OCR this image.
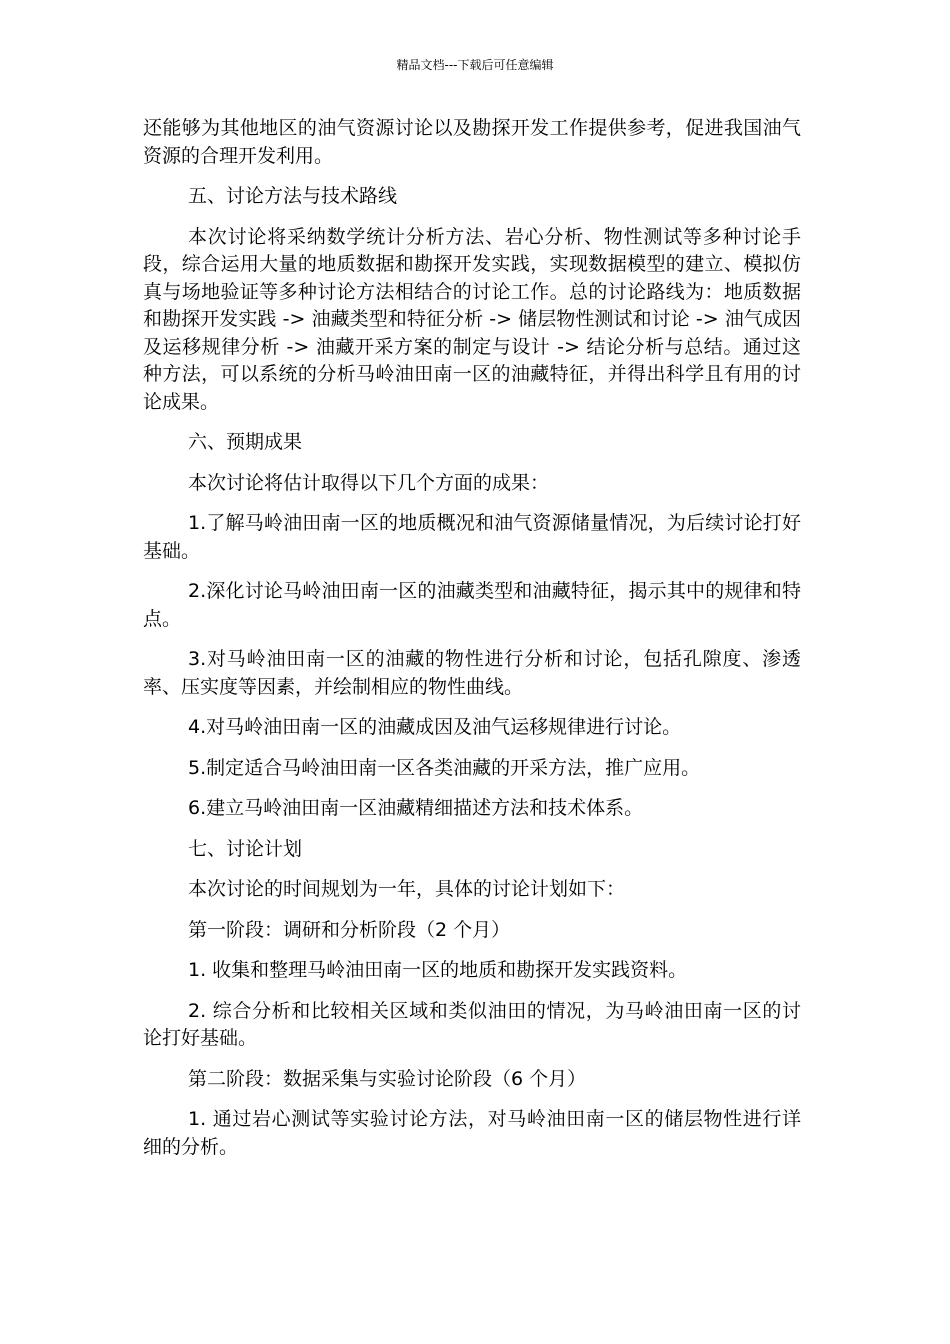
精品文档---下载后可任意编辑

还能够为其他地区的油气资源讨论以及勘探开发工作提供参考，促进我国油气资源的合理开发利用。

五、讨论方法与技术路线

本次讨论将采纳数学统计分析方法、岩心分析、物性测试等多种讨论手段，综合运用大量的地质数据和勘探开发实践，实现数据模型的建立、模拟仿真与场地验证等多种讨论方法相结合的讨论工作。总的讨论路线为：地质数据和勘探开发实践 -> 油藏类型和特征分析 -> 储层物性测试和讨论 -> 油气成因及运移规律分析 -> 油藏开采方案的制定与设计 -> 结论分析与总结。通过这种方法，可以系统的分析马岭油田南一区的油藏特征，并得出科学且有用的讨论成果。

六、预期成果

本次讨论将估计取得以下几个方面的成果：

1.了解马岭油田南一区的地质概况和油气资源储量情况，为后续讨论打好基础。

2.深化讨论马岭油田南一区的油藏类型和油藏特征，揭示其中的规律和特点。

3.对马岭油田南一区的油藏的物性进行分析和讨论，包括孔隙度、渗透率、压实度等因素，并绘制相应的物性曲线。

4.对马岭油田南一区的油藏成因及油气运移规律进行讨论。

5.制定适合马岭油田南一区各类油藏的开采方法，推广应用。

6.建立马岭油田南一区油藏精细描述方法和技术体系。

七、讨论计划

本次讨论的时间规划为一年，具体的讨论计划如下：

第一阶段：调研和分析阶段（2 个月）

1. 收集和整理马岭油田南一区的地质和勘探开发实践资料。

2. 综合分析和比较相关区域和类似油田的情况，为马岭油田南一区的讨论打好基础。

第二阶段：数据采集与实验讨论阶段（6 个月）

1. 通过岩心测试等实验讨论方法，对马岭油田南一区的储层物性进行详细的分析。
